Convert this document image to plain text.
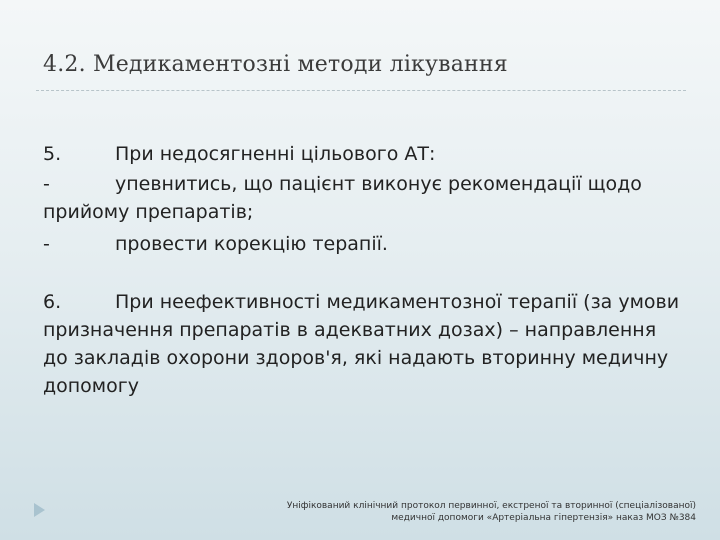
4.2. Медикаментозні методи лікування
5.	При недосягненні цільового АТ:
-	упевнитись, що пацієнт виконує рекомендації щодо прийому препаратів;
-	провести корекцію терапії.
6.	При неефективності медикаментозної терапії (за умови призначення препаратів в адекватних дозах) – направлення до закладів охорони здоров'я, які надають вторинну медичну допомогу
Уніфікований клінічний протокол первинної, екстреної та вторинної (спеціалізованої)
медичної допомоги «Артеріальна гіпертензія» наказ МОЗ №384
